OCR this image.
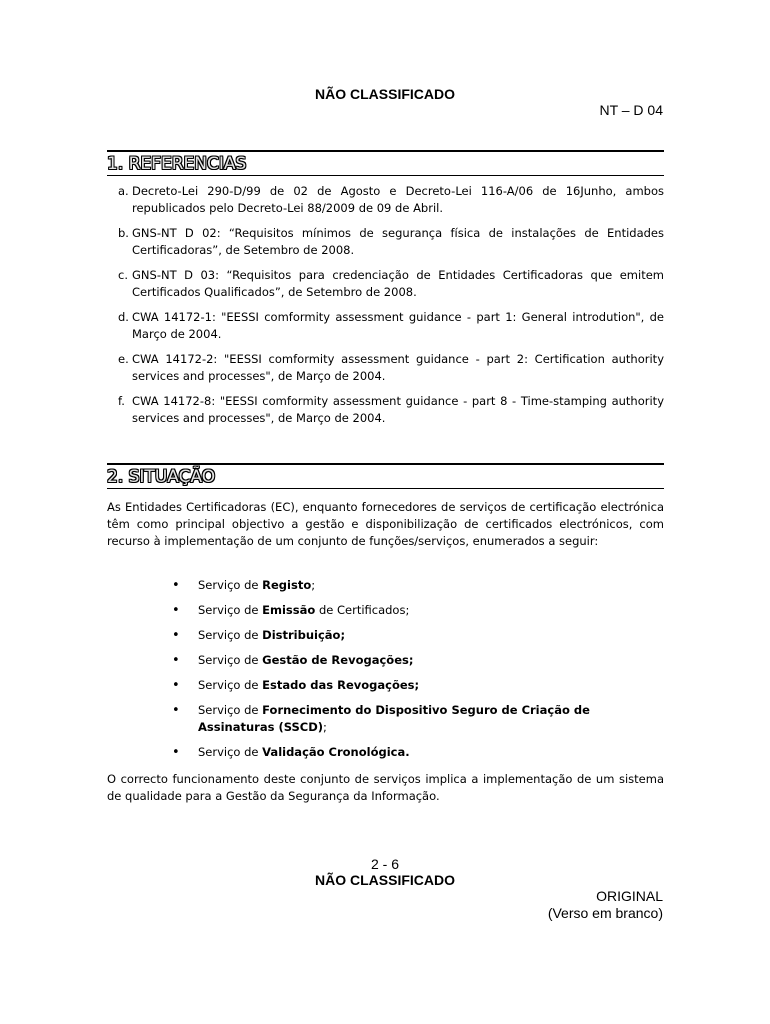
NÃO CLASSIFICADO
NT – D 04
1. REFERENCIAS
a. Decreto-Lei 290-D/99 de 02 de Agosto e Decreto-Lei 116-A/06 de 16Junho, ambos republicados pelo Decreto-Lei 88/2009 de 09 de Abril.
b. GNS-NT D 02: “Requisitos mínimos de segurança física de instalações de Entidades Certificadoras”, de Setembro de 2008.
c. GNS-NT D 03: “Requisitos para credenciação de Entidades Certificadoras que emitem Certificados Qualificados”, de Setembro de 2008.
d. CWA 14172-1: "EESSI comformity assessment guidance - part 1: General introdution", de Março de 2004.
e. CWA 14172-2: "EESSI comformity assessment guidance - part 2: Certification authority services and processes", de Março de 2004.
f. CWA 14172-8: "EESSI comformity assessment guidance - part 8 - Time-stamping authority services and processes", de Março de 2004.
2. SITUAÇÃO
As Entidades Certificadoras (EC), enquanto fornecedores de serviços de certificação electrónica têm como principal objectivo a gestão e disponibilização de certificados electrónicos, com recurso à implementação de um conjunto de funções/serviços, enumerados a seguir:
• Serviço de Registo;
• Serviço de Emissão de Certificados;
• Serviço de Distribuição;
• Serviço de Gestão de Revogações;
• Serviço de Estado das Revogações;
• Serviço de Fornecimento do Dispositivo Seguro de Criação de Assinaturas (SSCD);
• Serviço de Validação Cronológica.
O correcto funcionamento deste conjunto de serviços implica a implementação de um sistema de qualidade para a Gestão da Segurança da Informação.
2 - 6
NÃO CLASSIFICADO
ORIGINAL
(Verso em branco)
